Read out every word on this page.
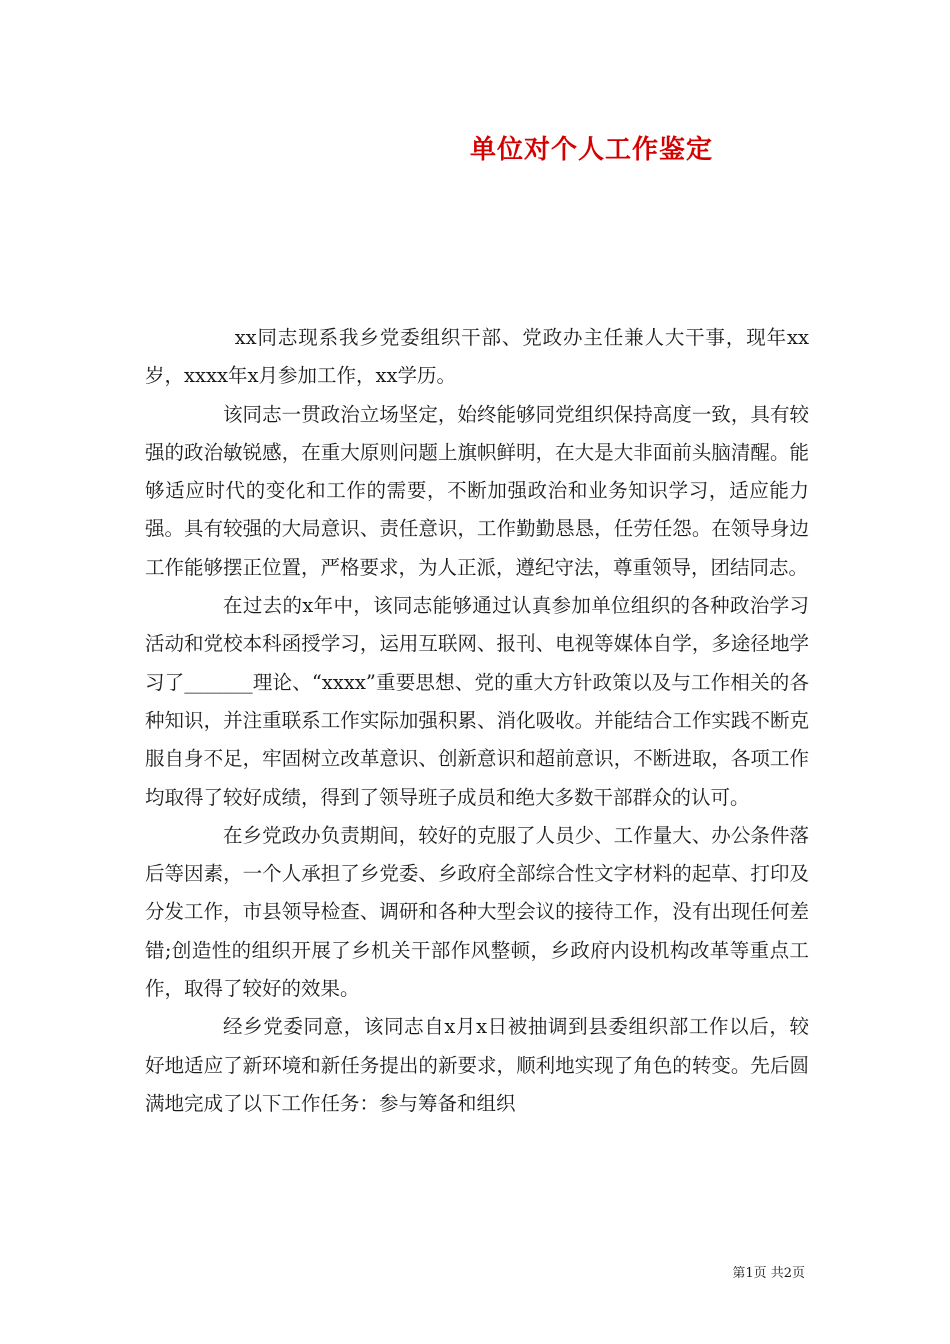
单位对个人工作鉴定

xx同志现系我乡党委组织干部、党政办主任兼人大干事，现年xx岁，xxxx年x月参加工作，xx学历。

该同志一贯政治立场坚定，始终能够同党组织保持高度一致，具有较强的政治敏锐感，在重大原则问题上旗帜鲜明，在大是大非面前头脑清醒。能够适应时代的变化和工作的需要，不断加强政治和业务知识学习，适应能力强。具有较强的大局意识、责任意识，工作勤勤恳恳，任劳任怨。在领导身边工作能够摆正位置，严格要求，为人正派，遵纪守法，尊重领导，团结同志。

在过去的x年中，该同志能够通过认真参加单位组织的各种政治学习活动和党校本科函授学习，运用互联网、报刊、电视等媒体自学，多途径地学习了_______理论、“xxxx”重要思想、党的重大方针政策以及与工作相关的各种知识，并注重联系工作实际加强积累、消化吸收。并能结合工作实践不断克服自身不足，牢固树立改革意识、创新意识和超前意识，不断进取，各项工作均取得了较好成绩，得到了领导班子成员和绝大多数干部群众的认可。

在乡党政办负责期间，较好的克服了人员少、工作量大、办公条件落后等因素，一个人承担了乡党委、乡政府全部综合性文字材料的起草、打印及分发工作，市县领导检查、调研和各种大型会议的接待工作，没有出现任何差错;创造性的组织开展了乡机关干部作风整顿，乡政府内设机构改革等重点工作，取得了较好的效果。

经乡党委同意，该同志自x月x日被抽调到县委组织部工作以后，较好地适应了新环境和新任务提出的新要求，顺利地实现了角色的转变。先后圆满地完成了以下工作任务：参与筹备和组织

第1页 共2页
